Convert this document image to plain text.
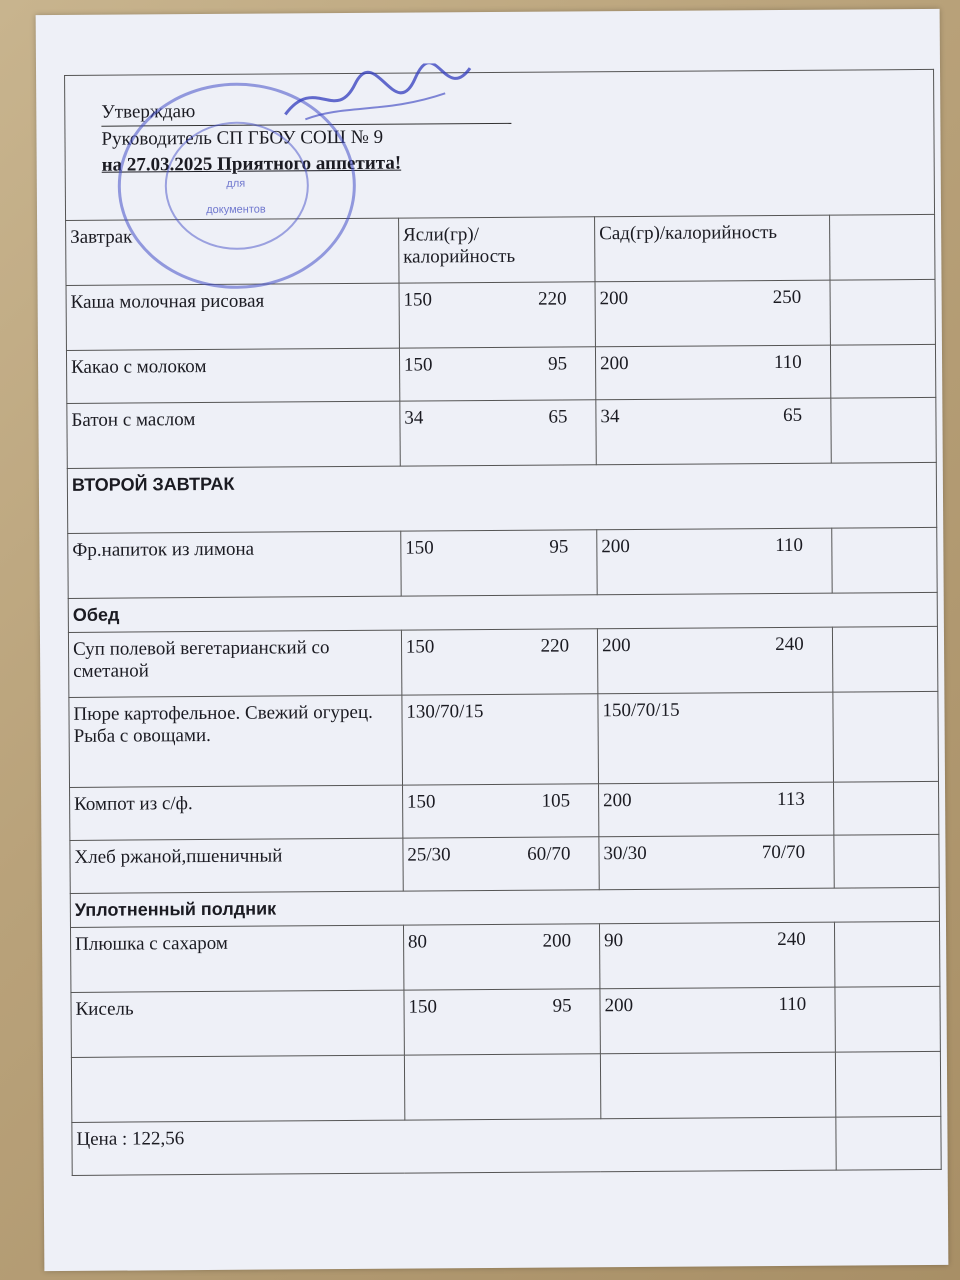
для документов
Утверждаю
Руководитель СП ГБОУ СОШ № 9
на 27.03.2025 Приятного аппетита!
Завтрак	Ясли(гр)/калорийность	Сад(гр)/калорийность	
Каша молочная рисовая	150 220	200 250	

Какао с молоком	150 95	200 110	

Батон с маслом	34 65	34 65	

ВТОРОЙ ЗАВТРАК			
Фр.напиток из лимона	150 95	200 110	

Обед			
Суп полевой вегетарианский со сметаной	150 220	200 240	

Пюре картофельное. Свежий огурец. Рыба с овощами.	130/70/15	150/70/15	
Компот из с/ф.	150 105	200 113	

Хлеб ржаной,пшеничный	25/30 60/70	30/30 70/70	

Уплотненный полдник			
Плюшка с сахаром	80 200	90 240	

Кисель	150 95	200 110	

Цена : 122,56			
